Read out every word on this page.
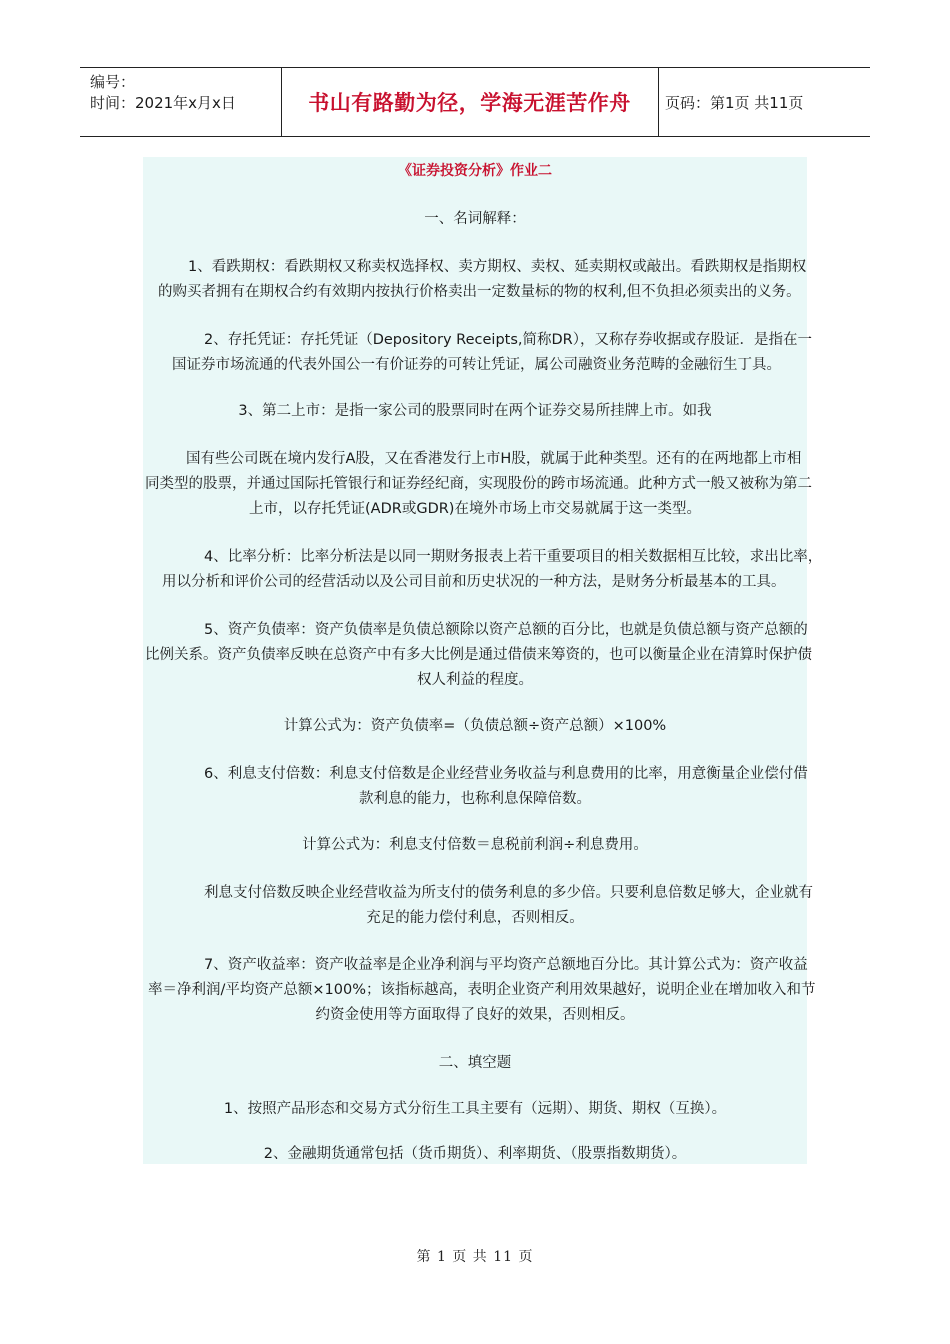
编号：
时间：2021年x月x日	书山有路勤为径，学海无涯苦作舟	页码：第1页 共11页
《证券投资分析》作业二
一、名词解释：
1、看跌期权：看跌期权又称卖权选择权、卖方期权、卖权、延卖期权或敲出。看跌期权是指期权
的购买者拥有在期权合约有效期内按执行价格卖出一定数量标的物的权利,但不负担必须卖出的义务。
2、存托凭证：存托凭证（Depository Receipts,简称DR），又称存券收据或存股证．是指在一
国证券市场流通的代表外国公一有价证券的可转让凭证，属公司融资业务范畴的金融衍生丁具。
3、第二上市：是指一家公司的股票同时在两个证券交易所挂牌上市。如我
国有些公司既在境内发行A股，又在香港发行上市H股，就属于此种类型。还有的在两地都上市相
同类型的股票，并通过国际托管银行和证券经纪商，实现股份的跨市场流通。此种方式一般又被称为第二
上市，以存托凭证(ADR或GDR)在境外市场上市交易就属于这一类型。
4、比率分析：比率分析法是以同一期财务报表上若干重要项目的相关数据相互比较，求出比率，
用以分析和评价公司的经营活动以及公司目前和历史状况的一种方法，是财务分析最基本的工具。
5、资产负债率：资产负债率是负债总额除以资产总额的百分比，也就是负债总额与资产总额的
比例关系。资产负债率反映在总资产中有多大比例是通过借债来筹资的，也可以衡量企业在清算时保护债
权人利益的程度。
计算公式为：资产负债率=（负债总额÷资产总额）×100%
6、利息支付倍数：利息支付倍数是企业经营业务收益与利息费用的比率，用意衡量企业偿付借
款利息的能力，也称利息保障倍数。
计算公式为：利息支付倍数＝息税前利润÷利息费用。
利息支付倍数反映企业经营收益为所支付的债务利息的多少倍。只要利息倍数足够大，企业就有
充足的能力偿付利息，否则相反。
7、资产收益率：资产收益率是企业净利润与平均资产总额地百分比。其计算公式为：资产收益
率＝净利润/平均资产总额×100%；该指标越高，表明企业资产利用效果越好，说明企业在增加收入和节
约资金使用等方面取得了良好的效果，否则相反。
二、填空题
1、按照产品形态和交易方式分衍生工具主要有（远期）、期货、期权（互换）。
2、金融期货通常包括（货币期货）、利率期货、（股票指数期货）。
第 1 页 共 11 页
